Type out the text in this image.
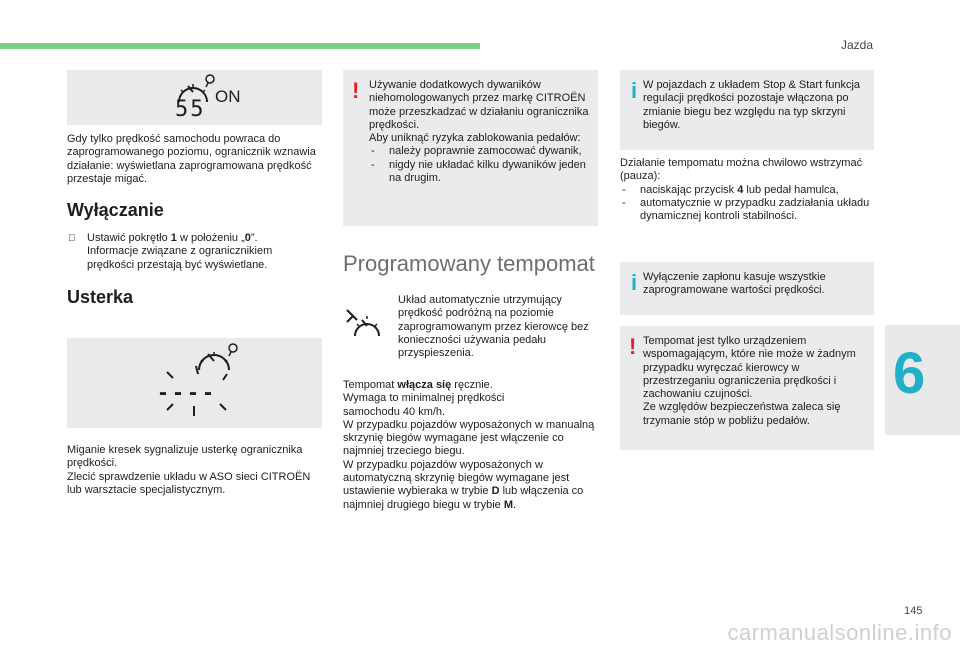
Jazda
6
145
carmanualsonline.info
ON
55

Gdy tylko prędkość samochodu powraca do zaprogramowanego poziomu, ogranicznik wznawia działanie: wyświetlana zaprogramowana prędkość przestaje migać.

Wyłączanie

Ustawić pokrętło 1 w położeniu „0”.

Informacje związane z ogranicznikiem prędkości przestają być wyświetlane.

Usterka
----

Miganie kresek sygnalizuje usterkę ogranicznika prędkości.

Zlecić sprawdzenie układu w ASO sieci CITROËN lub warsztacie specjalistycznym.

! Używanie dodatkowych dywaników niehomologowanych przez markę CITROËN może przeszkadzać w działaniu ogranicznika prędkości.

Aby uniknąć ryzyka zablokowania pedałów:

- należy poprawnie zamocować dywanik,
- nigdy nie układać kilku dywaników jeden na drugim.
Programowany tempomat

Układ automatycznie utrzymujący prędkość podróżną na poziomie zaprogramowanym przez kierowcę bez konieczności używania pedału przyspieszenia.

Tempomat włącza się ręcznie.

Wymaga to minimalnej prędkości

samochodu 40 km/h.

W przypadku pojazdów wyposażonych w manualną skrzynię biegów wymagane jest włączenie co najmniej trzeciego biegu.

W przypadku pojazdów wyposażonych w automatyczną skrzynię biegów wymagane jest ustawienie wybieraka w trybie D lub włączenia co najmniej drugiego biegu w trybie M.

i W pojazdach z układem Stop & Start funkcja regulacji prędkości pozostaje włączona po zmianie biegu bez względu na typ skrzyni biegów.

Działanie tempomatu można chwilowo wstrzymać (pauza):

- naciskając przycisk 4 lub pedał hamulca,
- automatycznie w przypadku zadziałania układu dynamicznej kontroli stabilności.
i Wyłączenie zapłonu kasuje wszystkie zaprogramowane wartości prędkości.

! Tempomat jest tylko urządzeniem wspomagającym, które nie może w żadnym przypadku wyręczać kierowcy w przestrzeganiu ograniczenia prędkości i zachowaniu czujności.

Ze względów bezpieczeństwa zaleca się trzymanie stóp w pobliżu pedałów.
